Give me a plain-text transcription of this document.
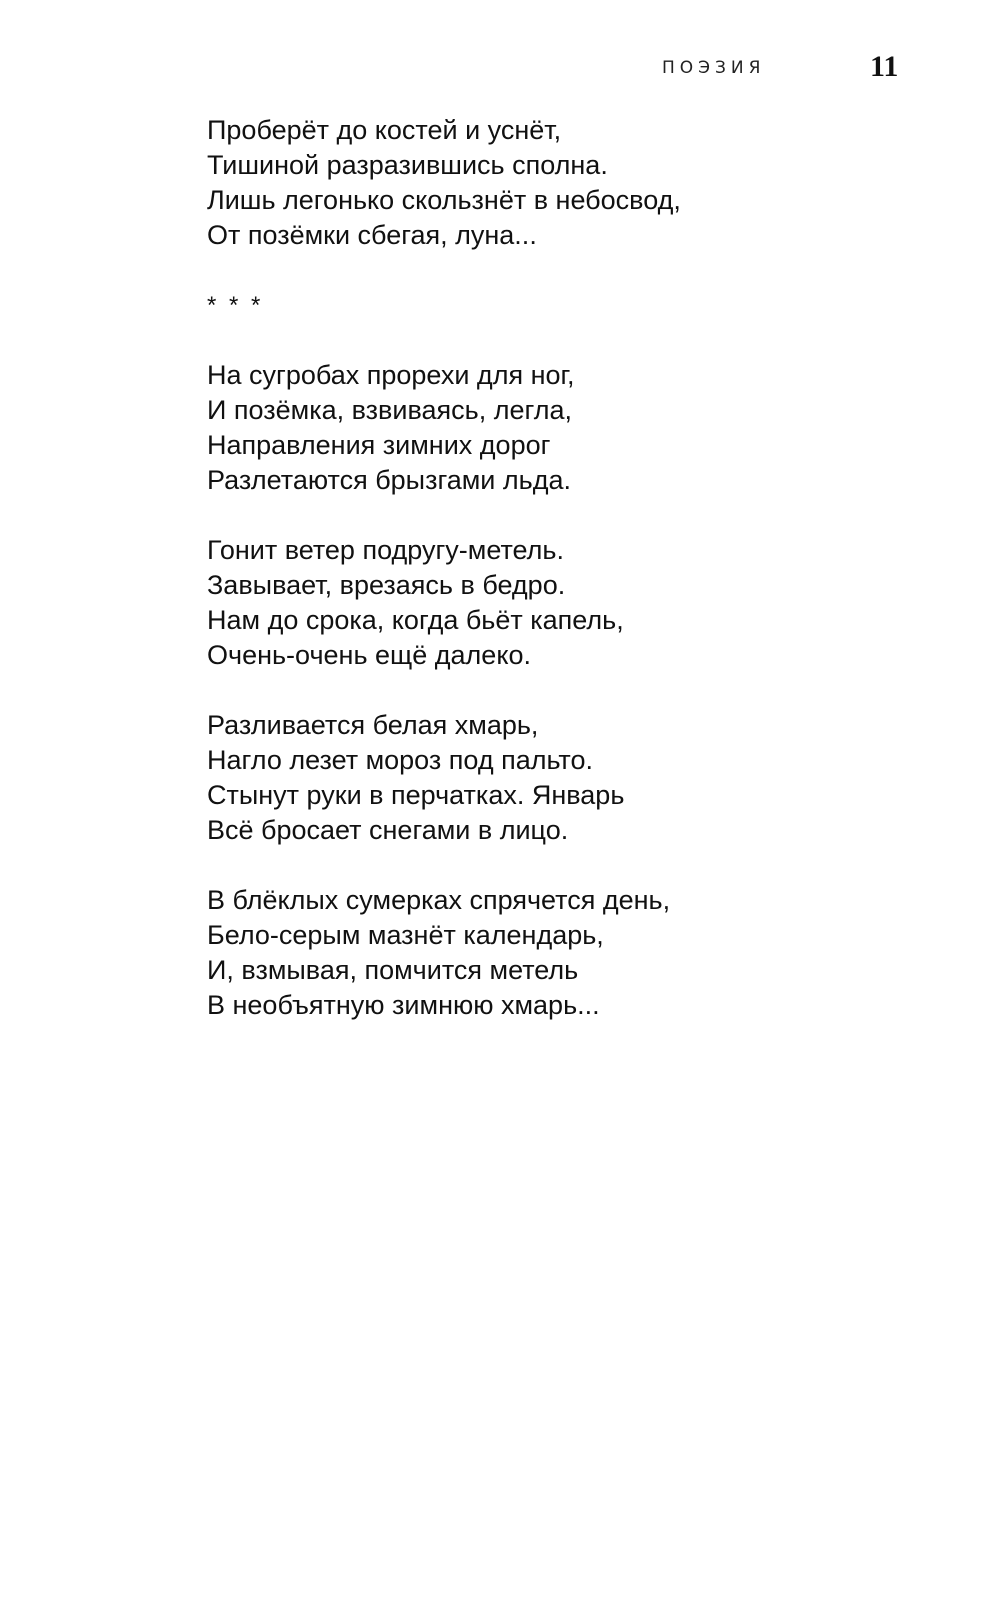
ПОЭЗИЯ	11
Проберёт до костей и уснёт,
Тишиной разразившись сполна.
Лишь легонько скользнёт в небосвод,
От позёмки сбегая, луна...
* * *
На сугробах прорехи для ног,
И позёмка, взвиваясь, легла,
Направления зимних дорог
Разлетаются брызгами льда.
Гонит ветер подругу-метель.
Завывает, врезаясь в бедро.
Нам до срока, когда бьёт капель,
Очень-очень ещё далеко.
Разливается белая хмарь,
Нагло лезет мороз под пальто.
Стынут руки в перчатках. Январь
Всё бросает снегами в лицо.
В блёклых сумерках спрячется день,
Бело-серым мазнёт календарь,
И, взмывая, помчится метель
В необъятную зимнюю хмарь...
